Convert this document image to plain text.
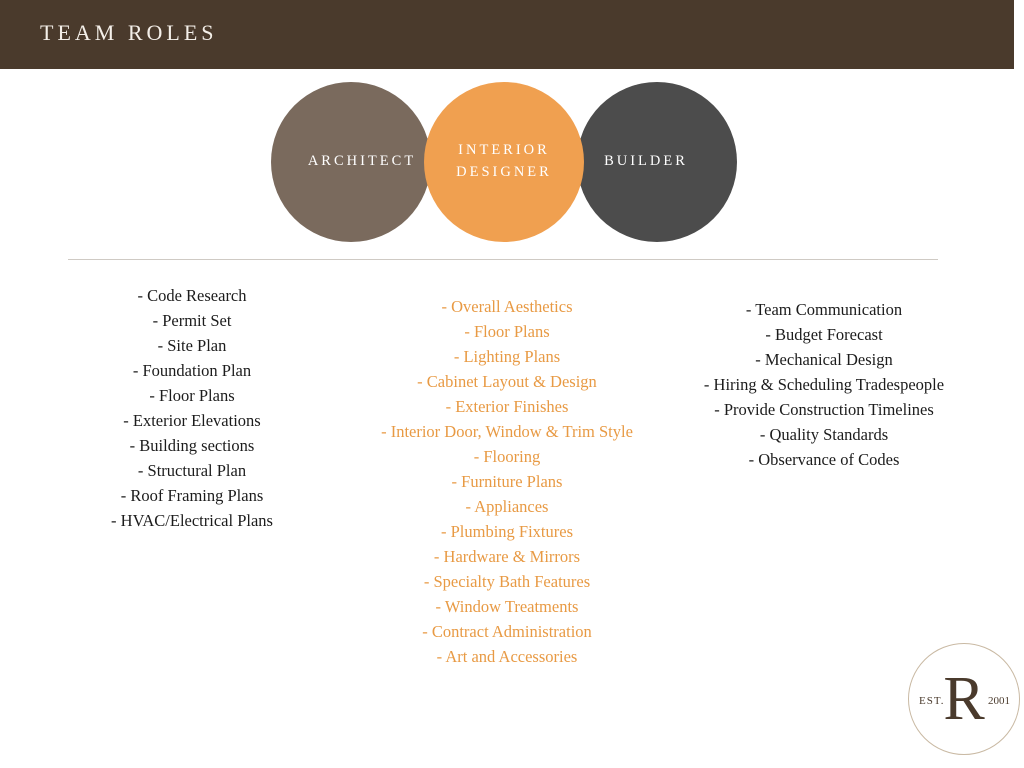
TEAM ROLES
ARCHITECT	BUILDER
INTERIOR DESIGNER
- Code Research
- Permit Set
- Site Plan
- Foundation Plan
- Floor Plans
- Exterior Elevations
- Building sections
- Structural Plan
- Roof Framing Plans
- HVAC/Electrical Plans
- Overall Aesthetics
- Floor Plans
- Lighting Plans
- Cabinet Layout & Design
- Exterior Finishes
- Interior Door, Window & Trim Style
- Flooring
- Furniture Plans
- Appliances
- Plumbing Fixtures
- Hardware & Mirrors
- Specialty Bath Features
- Window Treatments
- Contract Administration
- Art and Accessories
- Team Communication
- Budget Forecast
- Mechanical Design
- Hiring & Scheduling Tradespeople
- Provide Construction Timelines
- Quality Standards
- Observance of Codes
R
EST.	2001
